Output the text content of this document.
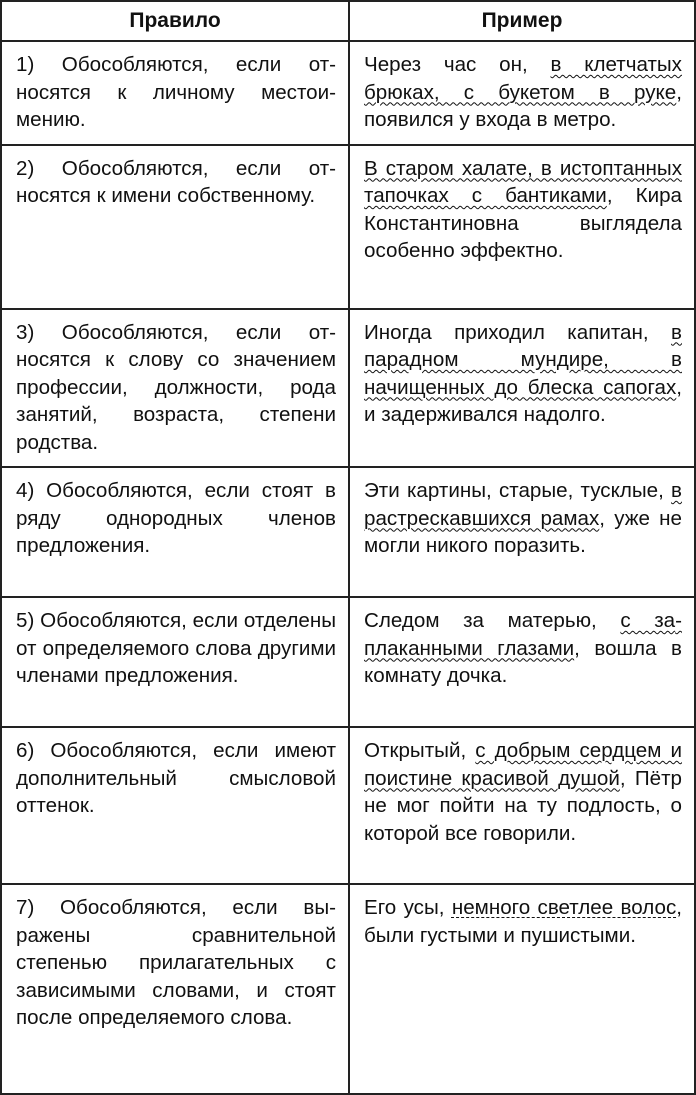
Правило	Пример
1) Обособляются, если относятся к личному местоимению.	Через час он, в клетчатых брюках, с букетом в руке, появился у входа в метро.
2) Обособляются, если относятся к имени собственному.	В старом халате, в истоптанных тапочках с бантиками, Кира Константиновна выглядела особенно эффектно.
3) Обособляются, если относятся к слову со значением профессии, должности, рода занятий, возраста, степени родства.	Иногда приходил капитан, в парадном мундире, в начищенных до блеска сапогах, и задерживался надолго.
4) Обособляются, если стоят в ряду однородных членов предложения.	Эти картины, старые, тусклые, в растрескавшихся рамах, уже не могли никого поразить.
5) Обособляются, если отделены от определяемого слова другими членами предложения.	Следом за матерью, с заплаканными глазами, вошла в комнату дочка.
6) Обособляются, если имеют дополнительный смысловой оттенок.	Открытый, с добрым сердцем и поистине красивой душой, Пётр не мог пойти на ту подлость, о которой все говорили.
7) Обособляются, если выражены сравнительной степенью прилагательных с зависимыми словами, и стоят после определяемого слова.	Его усы, немного светлее волос, были густыми и пушистыми.
